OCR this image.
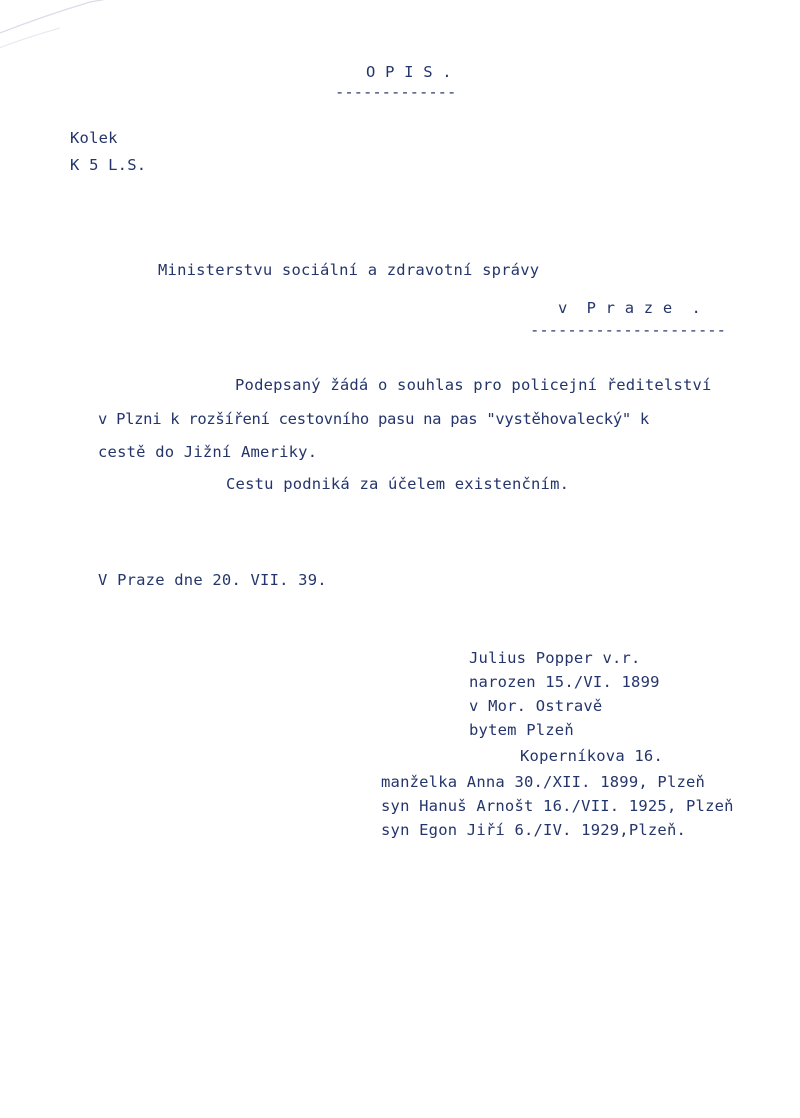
O P I S .
-------------
Kolek
K 5 L.S.
Ministerstvu sociální a zdravotní správy
v  P r a z e  .
---------------------
Podepsaný žádá o souhlas pro policejní ředitelství
v Plzni k rozšíření cestovního pasu na pas "vystěhovalecký" k
cestě do Jižní Ameriky.
Cestu podniká za účelem existenčním.
V Praze dne 20. VII. 39.
Julius Popper v.r.
narozen 15./VI. 1899
v Mor. Ostravě
bytem Plzeň
Koperníkova 16.
manželka Anna 30./XII. 1899, Plzeň
syn Hanuš Arnošt 16./VII. 1925, Plzeň
syn Egon Jiří 6./IV. 1929,Plzeň.
